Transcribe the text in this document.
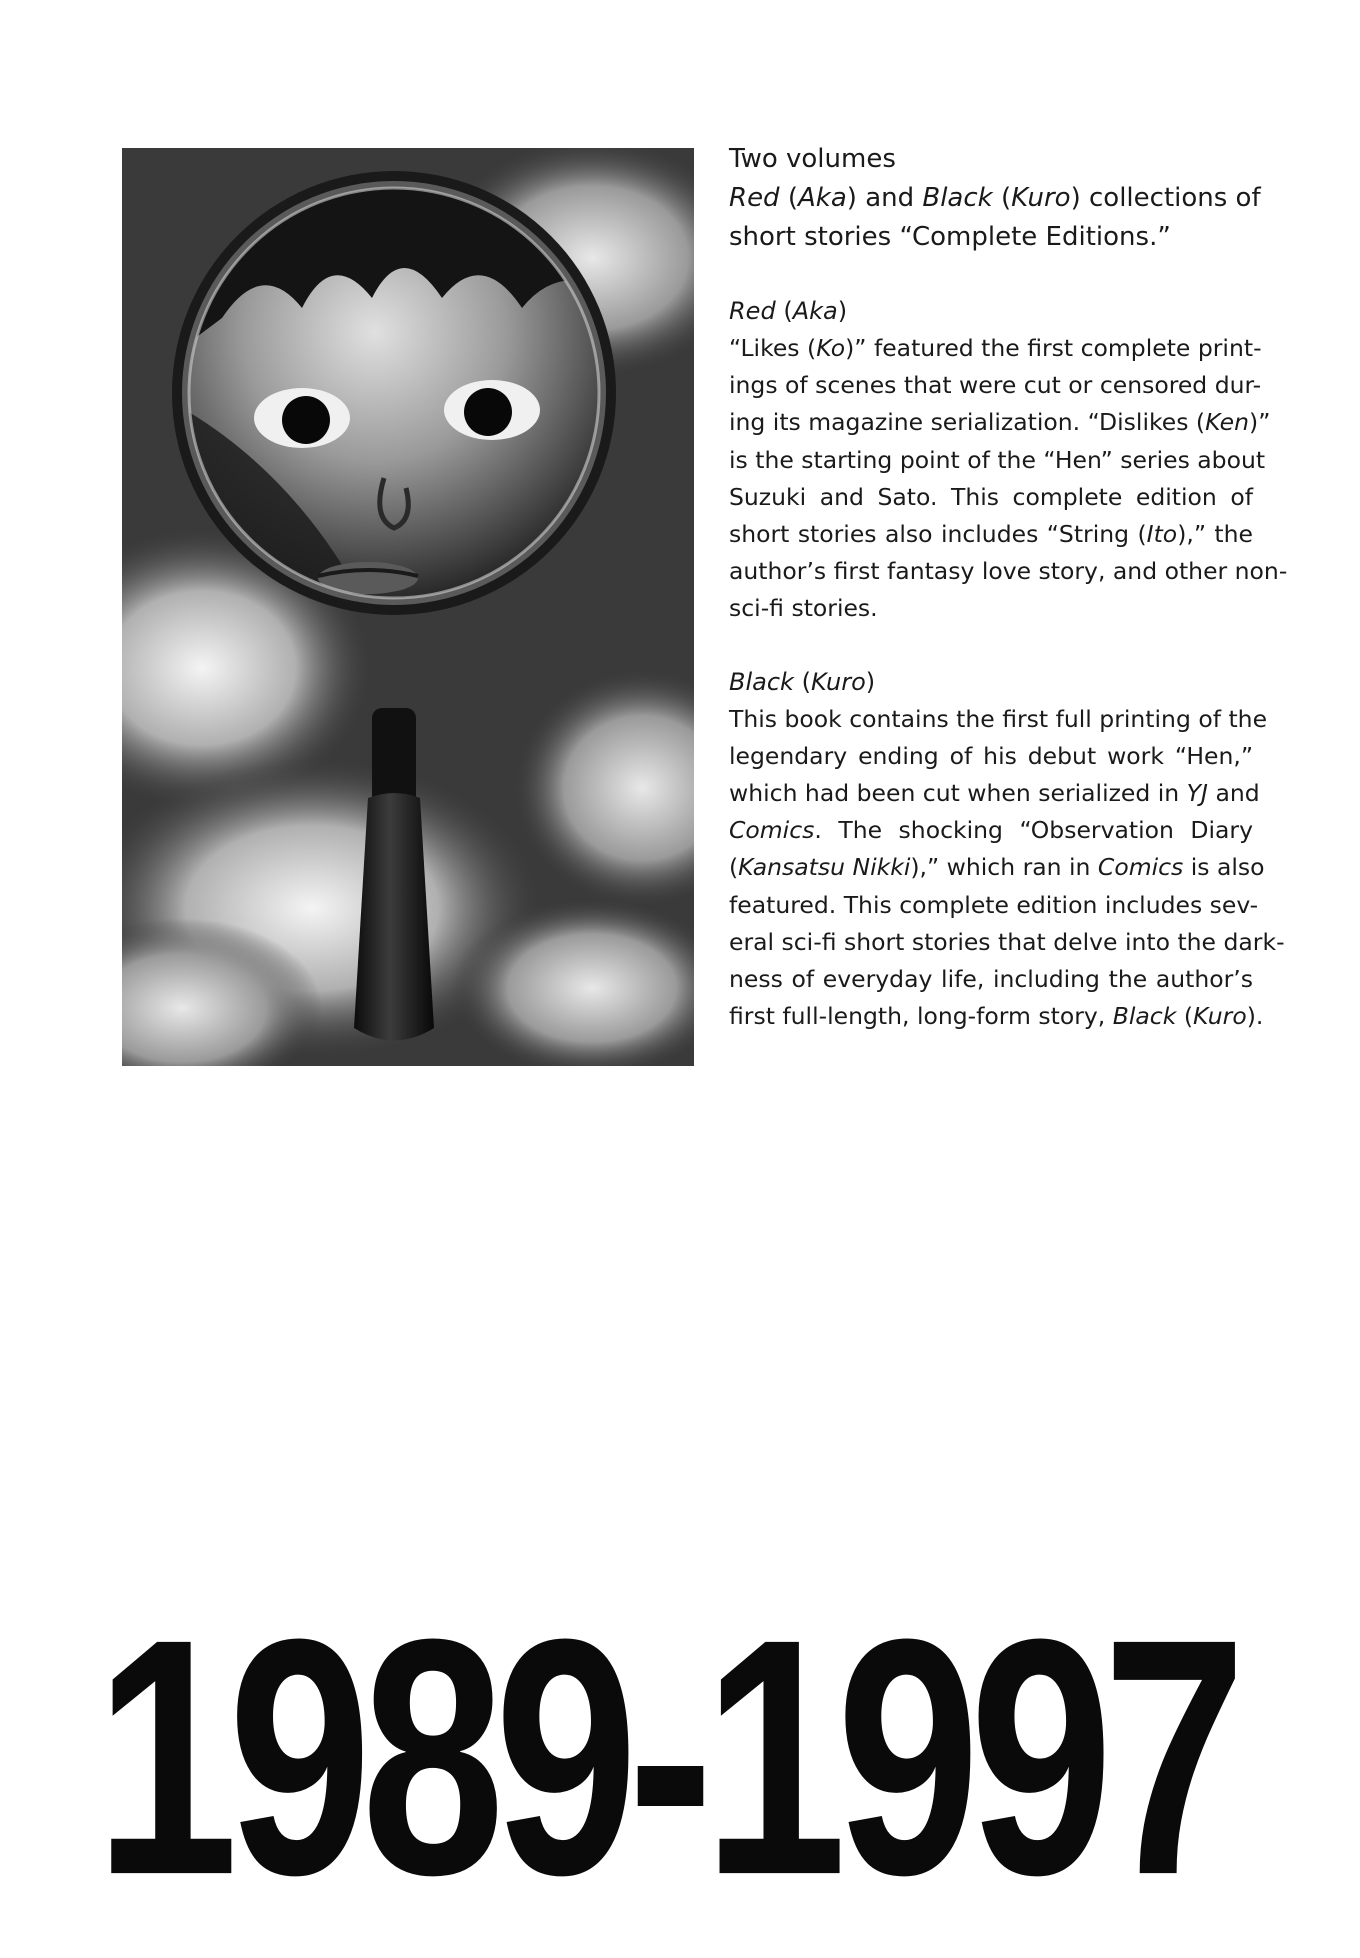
Two volumes
Red (Aka) and Black (Kuro) collections of
short stories “Complete Editions.”

Red (Aka)

“Likes (Ko)” featured the first complete print-
ings of scenes that were cut or censored dur-
ing its magazine serialization. “Dislikes (Ken)”
is the starting point of the “Hen” series about
Suzuki and Sato. This complete edition of
short stories also includes “String (Ito),” the
author’s first fantasy love story, and other non-
sci-fi stories.

Black (Kuro)

This book contains the first full printing of the
legendary ending of his debut work “Hen,”
which had been cut when serialized in YJ and
Comics. The shocking “Observation Diary
(Kansatsu Nikki),” which ran in Comics is also
featured. This complete edition includes sev-
eral sci-fi short stories that delve into the dark-
ness of everyday life, including the author’s
first full-length, long-form story, Black (Kuro).

1989-1997
